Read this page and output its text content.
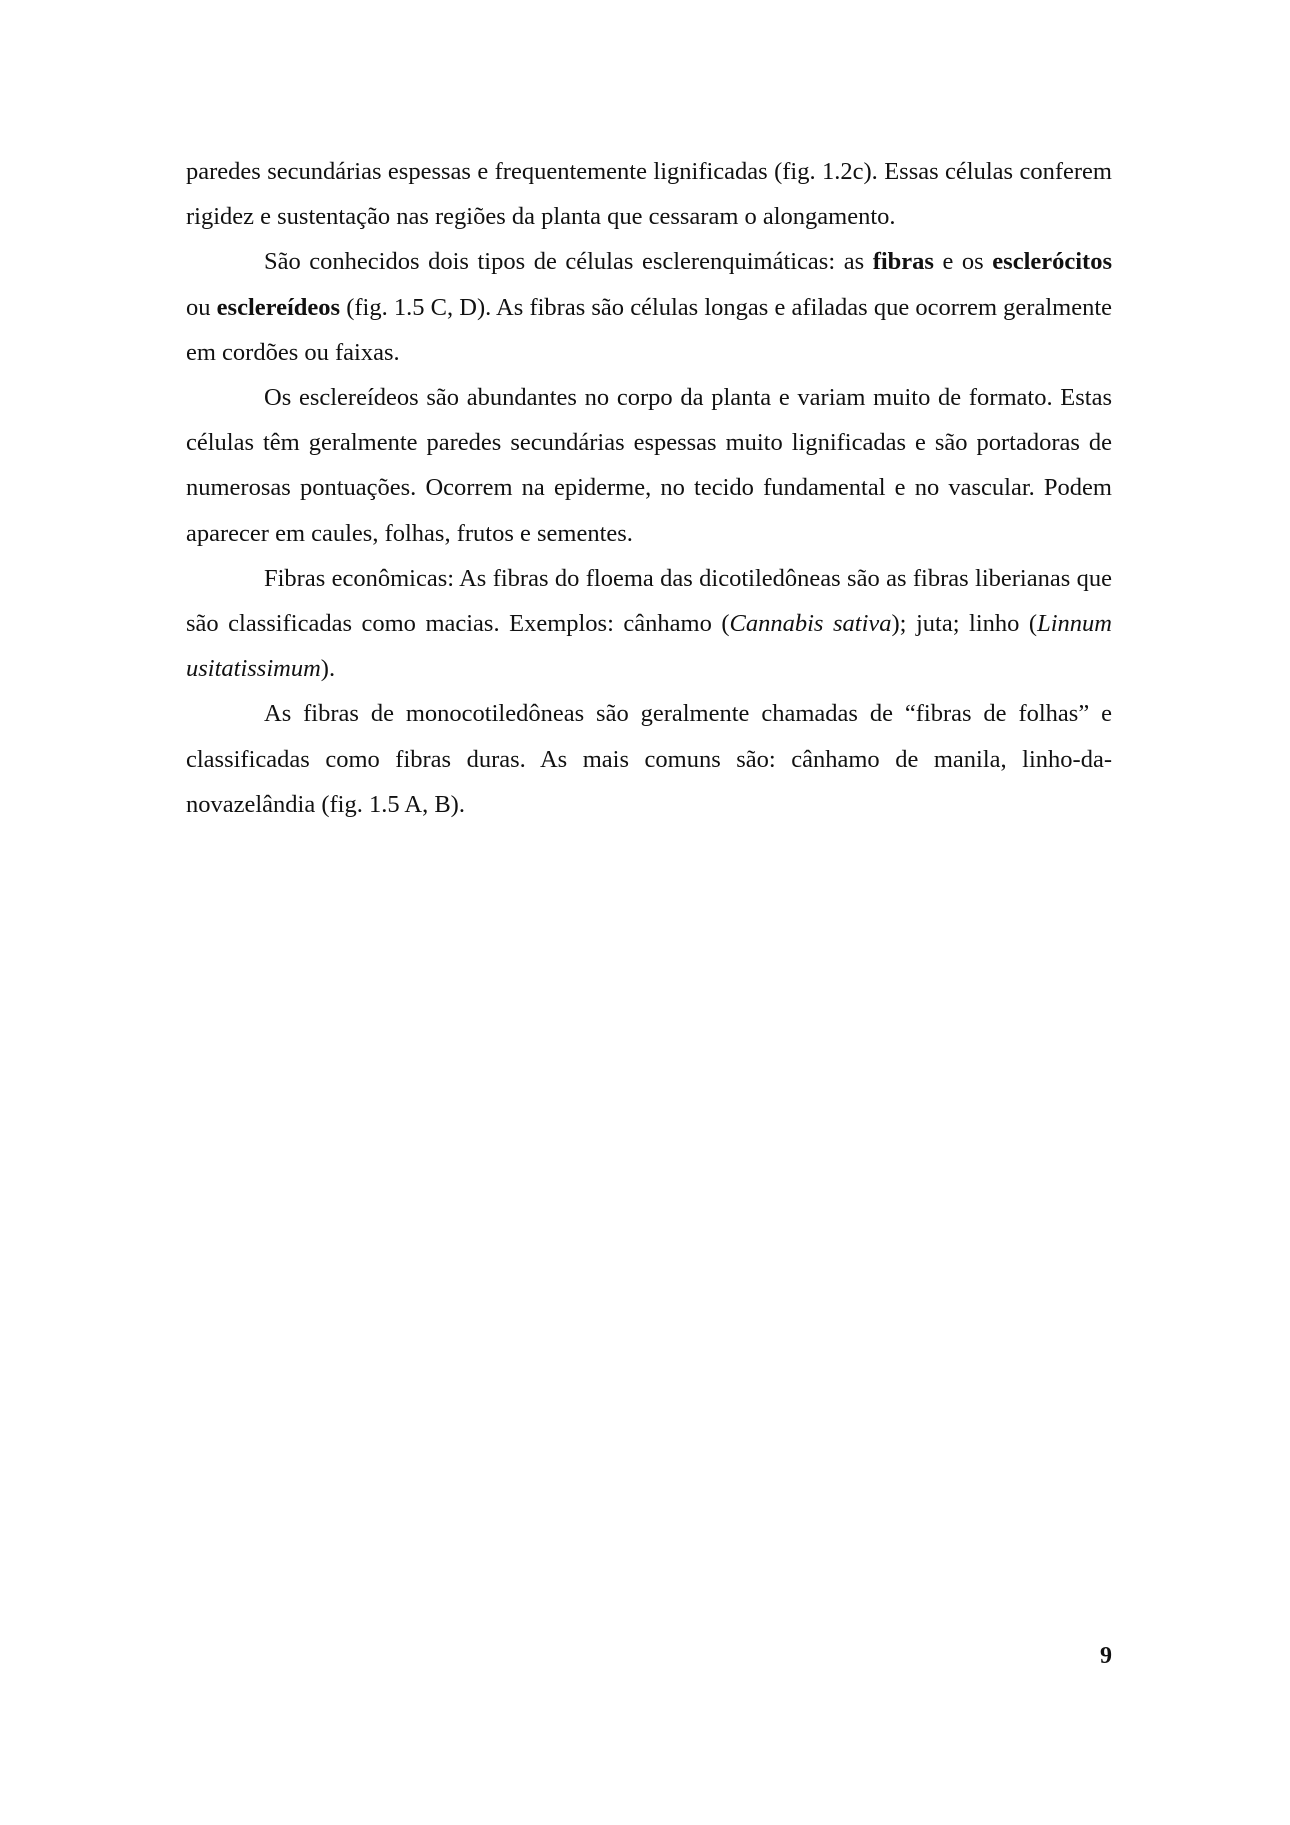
paredes secundárias espessas e frequentemente lignificadas (fig. 1.2c). Essas células conferem rigidez e sustentação nas regiões da planta que cessaram o alongamento.

São conhecidos dois tipos de células esclerenquimáticas: as fibras e os esclerócitos ou esclereídeos (fig. 1.5 C, D). As fibras são células longas e afiladas que ocorrem geralmente em cordões ou faixas.

Os esclereídeos são abundantes no corpo da planta e variam muito de formato. Estas células têm geralmente paredes secundárias espessas muito lignificadas e são portadoras de numerosas pontuações. Ocorrem na epiderme, no tecido fundamental e no vascular. Podem aparecer em caules, folhas, frutos e sementes.

Fibras econômicas: As fibras do floema das dicotiledôneas são as fibras liberianas que são classificadas como macias. Exemplos: cânhamo (Cannabis sativa); juta; linho (Linnum usitatissimum).

As fibras de monocotiledôneas são geralmente chamadas de “fibras de folhas” e classificadas como fibras duras. As mais comuns são: cânhamo de manila, linho-da-novazelândia (fig. 1.5 A, B).

9
